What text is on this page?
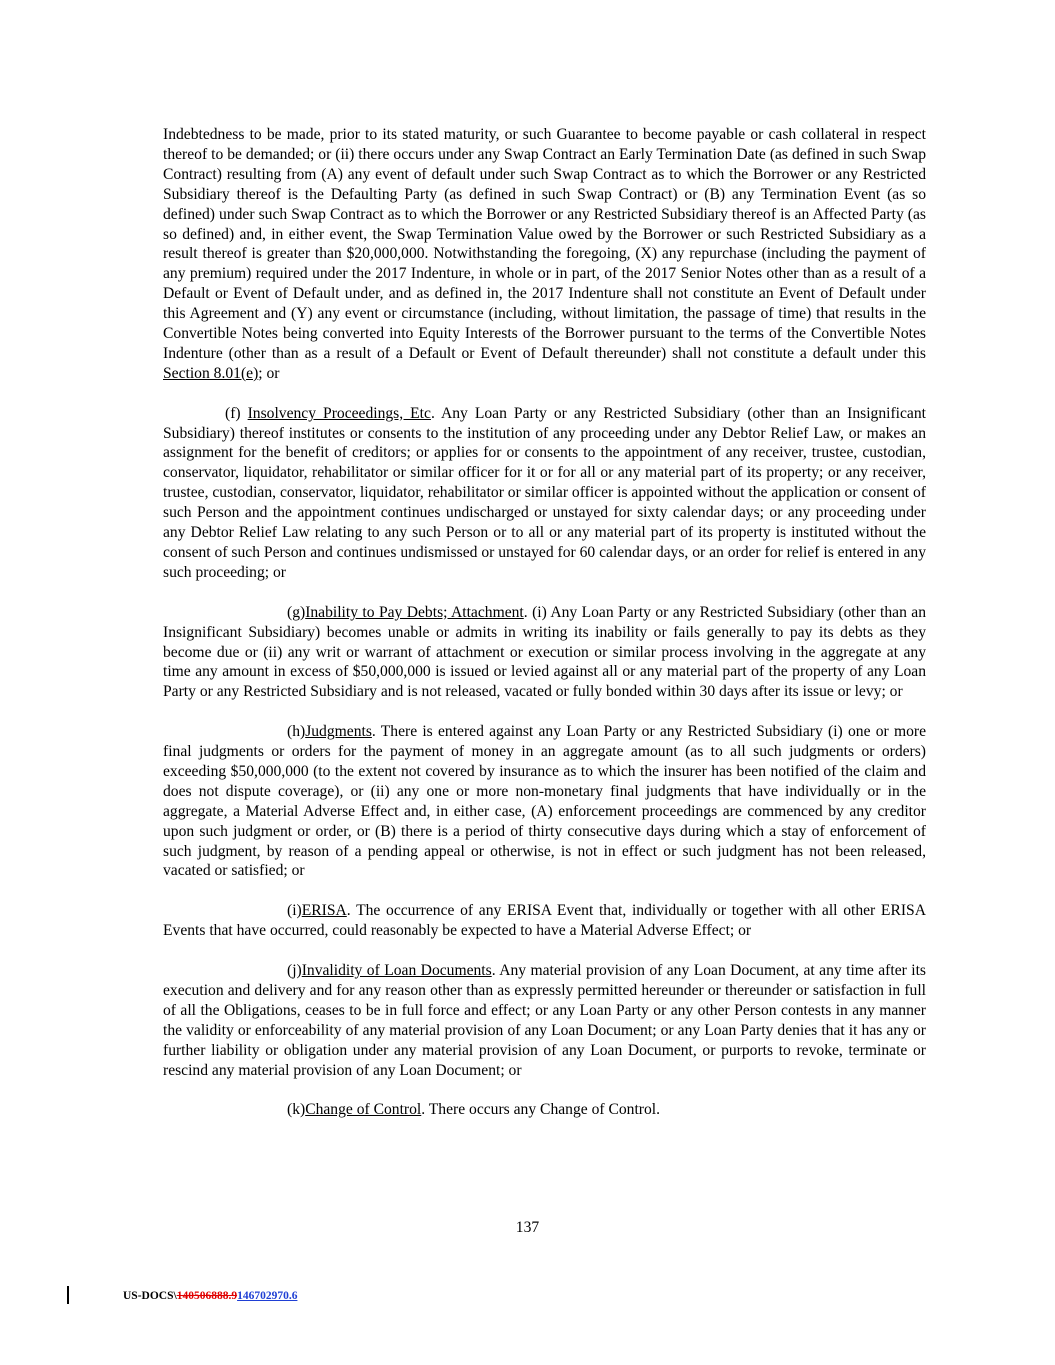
Indebtedness to be made, prior to its stated maturity, or such Guarantee to become payable or cash collateral in respect thereof to be demanded; or (ii) there occurs under any Swap Contract an Early Termination Date (as defined in such Swap Contract) resulting from (A) any event of default under such Swap Contract as to which the Borrower or any Restricted Subsidiary thereof is the Defaulting Party (as defined in such Swap Contract) or (B) any Termination Event (as so defined) under such Swap Contract as to which the Borrower or any Restricted Subsidiary thereof is an Affected Party (as so defined) and, in either event, the Swap Termination Value owed by the Borrower or such Restricted Subsidiary as a result thereof is greater than $20,000,000. Notwithstanding the foregoing, (X) any repurchase (including the payment of any premium) required under the 2017 Indenture, in whole or in part, of the 2017 Senior Notes other than as a result of a Default or Event of Default under, and as defined in, the 2017 Indenture shall not constitute an Event of Default under this Agreement and (Y) any event or circumstance (including, without limitation, the passage of time) that results in the Convertible Notes being converted into Equity Interests of the Borrower pursuant to the terms of the Convertible Notes Indenture (other than as a result of a Default or Event of Default thereunder) shall not constitute a default under this Section 8.01(e); or

(f) Insolvency Proceedings, Etc. Any Loan Party or any Restricted Subsidiary (other than an Insignificant Subsidiary) thereof institutes or consents to the institution of any proceeding under any Debtor Relief Law, or makes an assignment for the benefit of creditors; or applies for or consents to the appointment of any receiver, trustee, custodian, conservator, liquidator, rehabilitator or similar officer for it or for all or any material part of its property; or any receiver, trustee, custodian, conservator, liquidator, rehabilitator or similar officer is appointed without the application or consent of such Person and the appointment continues undischarged or unstayed for sixty calendar days; or any proceeding under any Debtor Relief Law relating to any such Person or to all or any material part of its property is instituted without the consent of such Person and continues undismissed or unstayed for 60 calendar days, or an order for relief is entered in any such proceeding; or

(g)Inability to Pay Debts; Attachment. (i) Any Loan Party or any Restricted Subsidiary (other than an Insignificant Subsidiary) becomes unable or admits in writing its inability or fails generally to pay its debts as they become due or (ii) any writ or warrant of attachment or execution or similar process involving in the aggregate at any time any amount in excess of $50,000,000 is issued or levied against all or any material part of the property of any Loan Party or any Restricted Subsidiary and is not released, vacated or fully bonded within 30 days after its issue or levy; or

(h)Judgments. There is entered against any Loan Party or any Restricted Subsidiary (i) one or more final judgments or orders for the payment of money in an aggregate amount (as to all such judgments or orders) exceeding $50,000,000 (to the extent not covered by insurance as to which the insurer has been notified of the claim and does not dispute coverage), or (ii) any one or more non-monetary final judgments that have individually or in the aggregate, a Material Adverse Effect and, in either case, (A) enforcement proceedings are commenced by any creditor upon such judgment or order, or (B) there is a period of thirty consecutive days during which a stay of enforcement of such judgment, by reason of a pending appeal or otherwise, is not in effect or such judgment has not been released, vacated or satisfied; or

(i)ERISA. The occurrence of any ERISA Event that, individually or together with all other ERISA Events that have occurred, could reasonably be expected to have a Material Adverse Effect; or

(j)Invalidity of Loan Documents. Any material provision of any Loan Document, at any time after its execution and delivery and for any reason other than as expressly permitted hereunder or thereunder or satisfaction in full of all the Obligations, ceases to be in full force and effect; or any Loan Party or any other Person contests in any manner the validity or enforceability of any material provision of any Loan Document; or any Loan Party denies that it has any or further liability or obligation under any material provision of any Loan Document, or purports to revoke, terminate or rescind any material provision of any Loan Document; or

(k)Change of Control. There occurs any Change of Control.

137
US-DOCS\140506888.9146702970.6
